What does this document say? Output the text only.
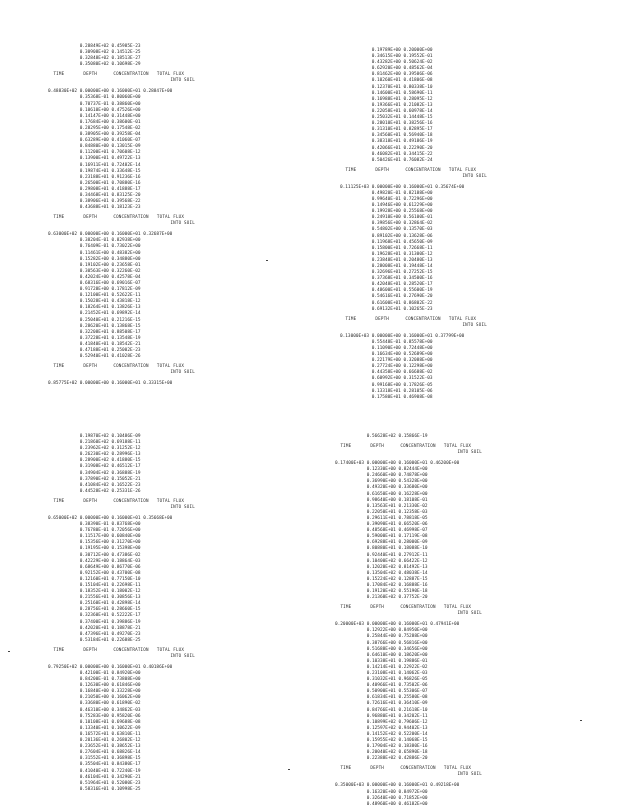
0.28849E+02 0.45985E-23
0.30908E+02 0.14512E-25
0.32848E+02 0.18513E-27
0.35080E+02 0.10698E-29
TIME	DEPTH	CONCENTRATION TOTAL FLUX
INTO SOIL
0.48830E+02 0.00000E+00 0.16000E+01 0.28847E+00
0.35368E-01 0.80060E+00
0.70737E-01 0.38860E+00
0.10610E+00 0.47526E+00
0.14147E+00 0.31448E+00
0.17684E+00 0.38600E-01
0.28295E+00 0.17548E-02
0.38905E+00 0.39258E-04
0.63289E+00 0.41060E-07
0.84880E+00 0.13015E-09
0.11200E+01 0.70608E-12
0.13900E+01 0.49722E-13
0.16911E+01 0.72482E-14
0.19874E+01 0.33648E-15
0.23188E+01 0.91236E-16
0.26500E+01 0.70880E-16
0.29808E+01 0.41888E-17
0.34468E+01 0.83125E-20
0.38906E+01 0.39568E-22
0.43688E+01 0.18123E-23
TIME	DEPTH	CONCENTRATION TOTAL FLUX
INTO SOIL
0.63000E+02 0.00000E+00 0.16000E+01 0.32687E+00
0.38204E-01 0.82938E+00
0.76409E-01 0.73022E+00
0.11461E+00 0.48382E+00
0.15282E+00 0.34880E+00
0.19102E+00 0.23658E-01
0.30563E+00 0.32260E-02
0.42024E+00 0.42578E-04
0.68316E+00 0.69016E-07
0.91728E+00 0.17812E-09
0.12100E+01 0.52622E-11
0.15028E+01 0.43818E-12
0.18264E+01 0.13826E-13
0.21452E+01 0.69892E-14
0.25040E+01 0.21216E-15
0.28620E+01 0.13868E-15
0.32208E+01 0.88508E-17
0.37228E+01 0.13548E-19
0.41840E+01 0.18542E-21
0.47188E+01 0.25002E-23
0.52940E+01 0.41028E-26
TIME	DEPTH	CONCENTRATION TOTAL FLUX
INTO SOIL
0.85775E+02 0.00000E+00 0.16000E+01 0.33315E+00
0.19789E+00 0.20000E+00
0.34615E+00 0.19552E-01
0.43282E+00 0.50624E-02
0.62920E+00 0.48562E-04
0.81462E+00 0.39506E-06
0.10260E+01 0.41806E-08
0.12370E+01 0.80338E-10
0.14600E+01 0.58690E-11
0.16988E+01 0.28095E-12
0.19366E+01 0.21082E-13
0.22058E+01 0.60978E-14
0.25032E+01 0.14448E-15
0.28010E+01 0.38256E-16
0.31310E+01 0.82895E-17
0.34560E+01 0.56940E-18
0.38318E+01 0.49186E-19
0.42066E+01 0.22290E-20
0.46082E+01 0.34415E-22
0.50426E+01 0.76082E-24
TIME	DEPTH	CONCENTRATION TOTAL FLUX
INTO SOIL
0.11125E+03 0.00000E+00 0.16000E+01 0.35674E+00
0.49820E-01 0.82188E+00
0.99640E-01 0.72296E+00
0.14946E+00 0.61229E+00
0.19928E+00 0.25568E+00
0.24910E+00 0.56100E-01
0.39856E+00 0.32864E-02
0.54802E+00 0.13570E-03
0.89102E+00 0.13628E-06
0.11968E+01 0.45650E-09
0.15800E+01 0.72668E-11
0.19628E+01 0.31300E-12
0.23848E+01 0.20480E-13
0.28008E+01 0.19448E-14
0.32696E+01 0.27252E-15
0.37368E+01 0.34500E-16
0.42048E+01 0.28520E-17
0.48600E+01 0.55600E-19
0.54616E+01 0.27690E-20
0.61600E+01 0.86802E-22
0.69132E+01 0.10265E-23
TIME	DEPTH	CONCENTRATION TOTAL FLUX
INTO SOIL
0.13000E+03 0.00000E+00 0.16000E+01 0.37799E+00
0.55448E-01 0.85578E+00
0.11090E+00 0.72448E+00
0.16634E+00 0.52689E+00
0.22179E+00 0.32088E+00
0.27724E+00 0.12298E+00
0.44358E+00 0.66688E-02
0.60992E+00 0.31522E-03
0.99168E+00 0.17826E-05
0.13318E+01 0.28105E-06
0.17580E+01 0.46908E-08
0.19870E+02 0.10486E-09
0.21860E+02 0.69188E-11
0.23962E+02 0.31252E-12
0.26230E+02 0.28996E-13
0.28900E+02 0.41880E-15
0.31908E+02 0.46512E-17
0.34904E+02 0.36888E-19
0.37890E+02 0.15052E-21
0.41084E+02 0.16522E-23
0.44528E+02 0.25331E-26
TIME	DEPTH	CONCENTRATION TOTAL FLUX
INTO SOIL
0.65000E+02 0.00000E+00 0.16000E+01 0.35668E+00
0.38390E-01 0.83768E+00
0.76780E-01 0.72056E+00
0.11517E+00 0.60840E+00
0.15356E+00 0.31270E+00
0.19195E+00 0.15398E+00
0.30712E+00 0.47386E-02
0.42229E+00 0.18864E-03
0.68649E+00 0.86770E-06
0.92152E+00 0.43700E-08
0.12160E+01 0.77150E-10
0.15104E+01 0.22698E-11
0.18352E+01 0.18002E-12
0.21556E+01 0.30856E-13
0.25160E+01 0.42898E-14
0.28756E+01 0.28660E-15
0.32360E+01 0.52222E-17
0.37400E+01 0.39886E-19
0.42020E+01 0.18878E-21
0.47396E+01 0.49270E-23
0.53184E+01 0.22688E-25
TIME	DEPTH	CONCENTRATION TOTAL FLUX
INTO SOIL
0.79250E+02 0.00000E+00 0.16000E+01 0.40186E+00
0.42100E-01 0.84920E+00
0.84200E-01 0.73808E+00
0.12630E+00 0.61846E+00
0.16840E+00 0.33228E+00
0.21050E+00 0.16062E+00
0.33680E+00 0.61890E-02
0.46310E+00 0.34862E-03
0.75283E+00 0.95820E-06
0.10108E+01 0.69688E-08
0.13340E+01 0.10622E-09
0.16572E+01 0.63810E-11
0.20136E+01 0.26802E-12
0.23652E+01 0.38652E-13
0.27604E+01 0.68826E-14
0.31552E+01 0.36898E-15
0.35504E+01 0.84380E-17
0.41040E+01 0.72240E-19
0.46104E+01 0.34290E-21
0.51964E+01 0.52080E-23
0.58316E+01 0.10998E-25
0.56628E+02 0.15866E-19
TIME	DEPTH	CONCENTRATION TOTAL FLUX
INTO SOIL
0.17400E+03 0.00000E+00 0.16000E+01 0.46200E+00
0.12330E+00 0.82444E+00
0.24660E+00 0.74878E+00
0.36990E+00 0.54328E+00
0.49320E+00 0.33680E+00
0.61650E+00 0.16228E+00
0.98640E+00 0.18108E-01
0.13563E+01 0.21330E-02
0.22050E+01 0.12358E-03
0.29611E+01 0.78818E-05
0.39090E+01 0.66520E-06
0.48568E+01 0.46998E-07
0.59000E+01 0.17119E-08
0.69288E+01 0.28000E-09
0.80880E+01 0.18088E-10
0.92440E+01 0.27912E-11
0.10400E+02 0.66422E-12
0.12020E+02 0.81492E-13
0.13504E+02 0.48038E-14
0.15224E+02 0.12887E-15
0.17084E+02 0.16888E-16
0.19120E+02 0.55190E-18
0.21360E+02 0.37752E-20
TIME	DEPTH	CONCENTRATION TOTAL FLUX
INTO SOIL
0.20000E+03 0.00000E+00 0.16000E+01 0.47941E+00
0.12922E+00 0.84950E+00
0.25844E+00 0.75288E+00
0.38766E+00 0.56816E+00
0.51688E+00 0.34656E+00
0.64610E+00 0.18620E+00
0.10338E+01 0.19886E-01
0.14214E+01 0.22922E-02
0.23108E+01 0.14062E-03
0.31032E+01 0.96826E-05
0.40966E+01 0.73502E-06
0.50900E+01 0.55306E-07
0.61834E+01 0.25580E-08
0.72616E+01 0.36410E-09
0.84766E+01 0.21618E-10
0.96880E+01 0.34202E-11
0.10899E+02 0.79606E-12
0.12597E+02 0.94402E-13
0.14152E+02 0.52200E-14
0.15955E+02 0.14068E-15
0.17904E+02 0.18380E-16
0.20040E+02 0.65890E-18
0.22388E+02 0.42886E-20
TIME	DEPTH	CONCENTRATION TOTAL FLUX
INTO SOIL
0.35000E+03 0.00000E+00 0.16000E+01 0.49218E+00
0.16320E+00 0.84972E+00
0.32640E+00 0.71852E+00
0.48960E+00 0.46182E+00
